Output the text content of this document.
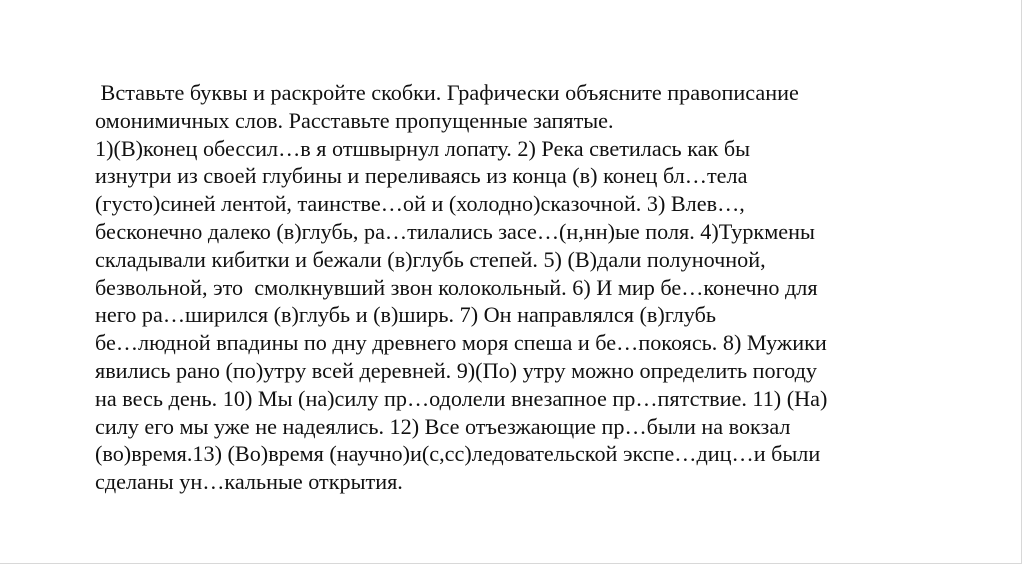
Вставьте буквы и раскройте скобки. Графически объясните правописание
омонимичных слов. Расставьте пропущенные запятые.

1)(В)конец обессил…в я отшвырнул лопату. 2) Река светилась как бы
изнутри из своей глубины и переливаясь из конца (в) конец бл…тела
(густо)синей лентой, таинстве…ой и (холодно)сказочной. 3) Влев…,
бесконечно далеко (в)глубь, ра…тилались засе…(н,нн)ые поля. 4)Туркмены
складывали кибитки и бежали (в)глубь степей. 5) (В)дали полуночной,
безвольной, это  смолкнувший звон колокольный. 6) И мир бе…конечно для
него ра…ширился (в)глубь и (в)ширь. 7) Он направлялся (в)глубь
бе…людной впадины по дну древнего моря спеша и бе…покоясь. 8) Мужики
явились рано (по)утру всей деревней. 9)(По) утру можно определить погоду
на весь день. 10) Мы (на)силу пр…одолели внезапное пр…пятствие. 11) (На)
силу его мы уже не надеялись. 12) Все отъезжающие пр…были на вокзал
(во)время.13) (Во)время (научно)и(с,сс)ледовательской экспе…диц…и были
сделаны ун…кальные открытия.
